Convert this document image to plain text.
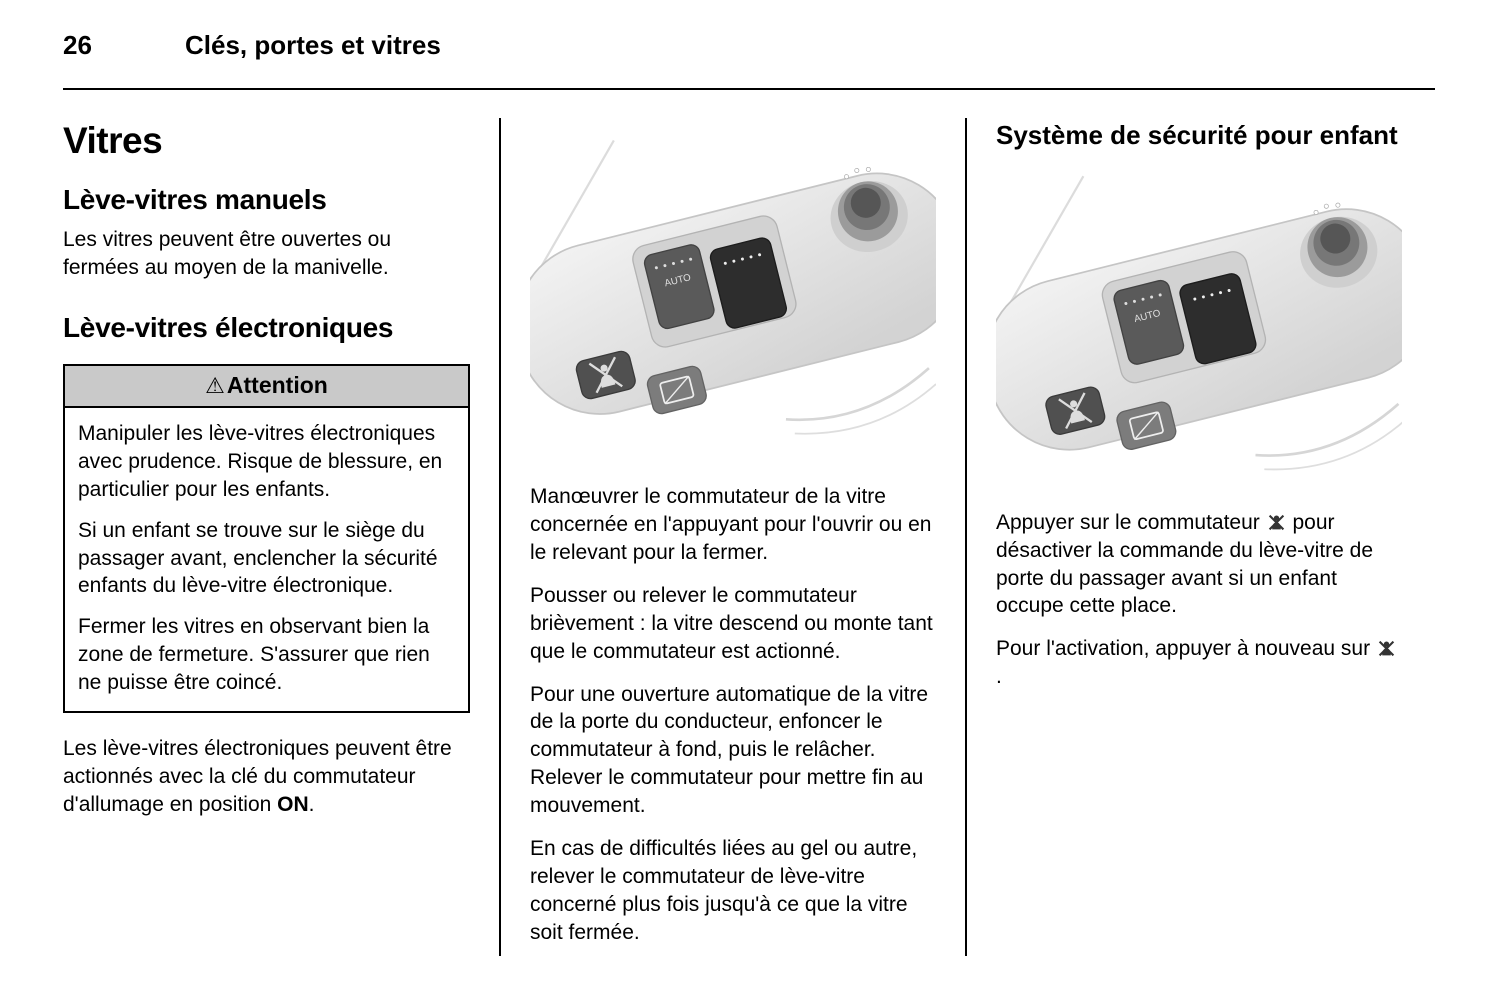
26	Clés, portes et vitres
Vitres
Lève-vitres manuels

Les vitres peuvent être ouvertes ou fermées au moyen de la manivelle.

Lève-vitres électroniques
⚠Attention

Manipuler les lève-vitres électroniques avec prudence. Risque de blessure, en particulier pour les enfants.

Si un enfant se trouve sur le siège du passager avant, enclencher la sécurité enfants du lève-vitre électronique.

Fermer les vitres en observant bien la zone de fermeture. S'assurer que rien ne puisse être coincé.

Les lève-vitres électroniques peuvent être actionnés avec la clé du commutateur d'allumage en position ON.

Manœuvrer le commutateur de la vitre concernée en l'appuyant pour l'ouvrir ou en le relevant pour la fermer.

Pousser ou relever le commutateur brièvement : la vitre descend ou monte tant que le commutateur est actionné.

Pour une ouverture automatique de la vitre de la porte du conducteur, enfoncer le commutateur à fond, puis le relâcher. Relever le commutateur pour mettre fin au mouvement.

En cas de difficultés liées au gel ou autre, relever le commutateur de lève-vitre concerné plus fois jusqu'à ce que la vitre soit fermée.

Système de sécurité pour enfant

Appuyer sur le commutateur
pour désactiver la commande du lève-vitre de porte du passager avant si un enfant occupe cette place.

Pour l'activation, appuyer à nouveau sur
.
